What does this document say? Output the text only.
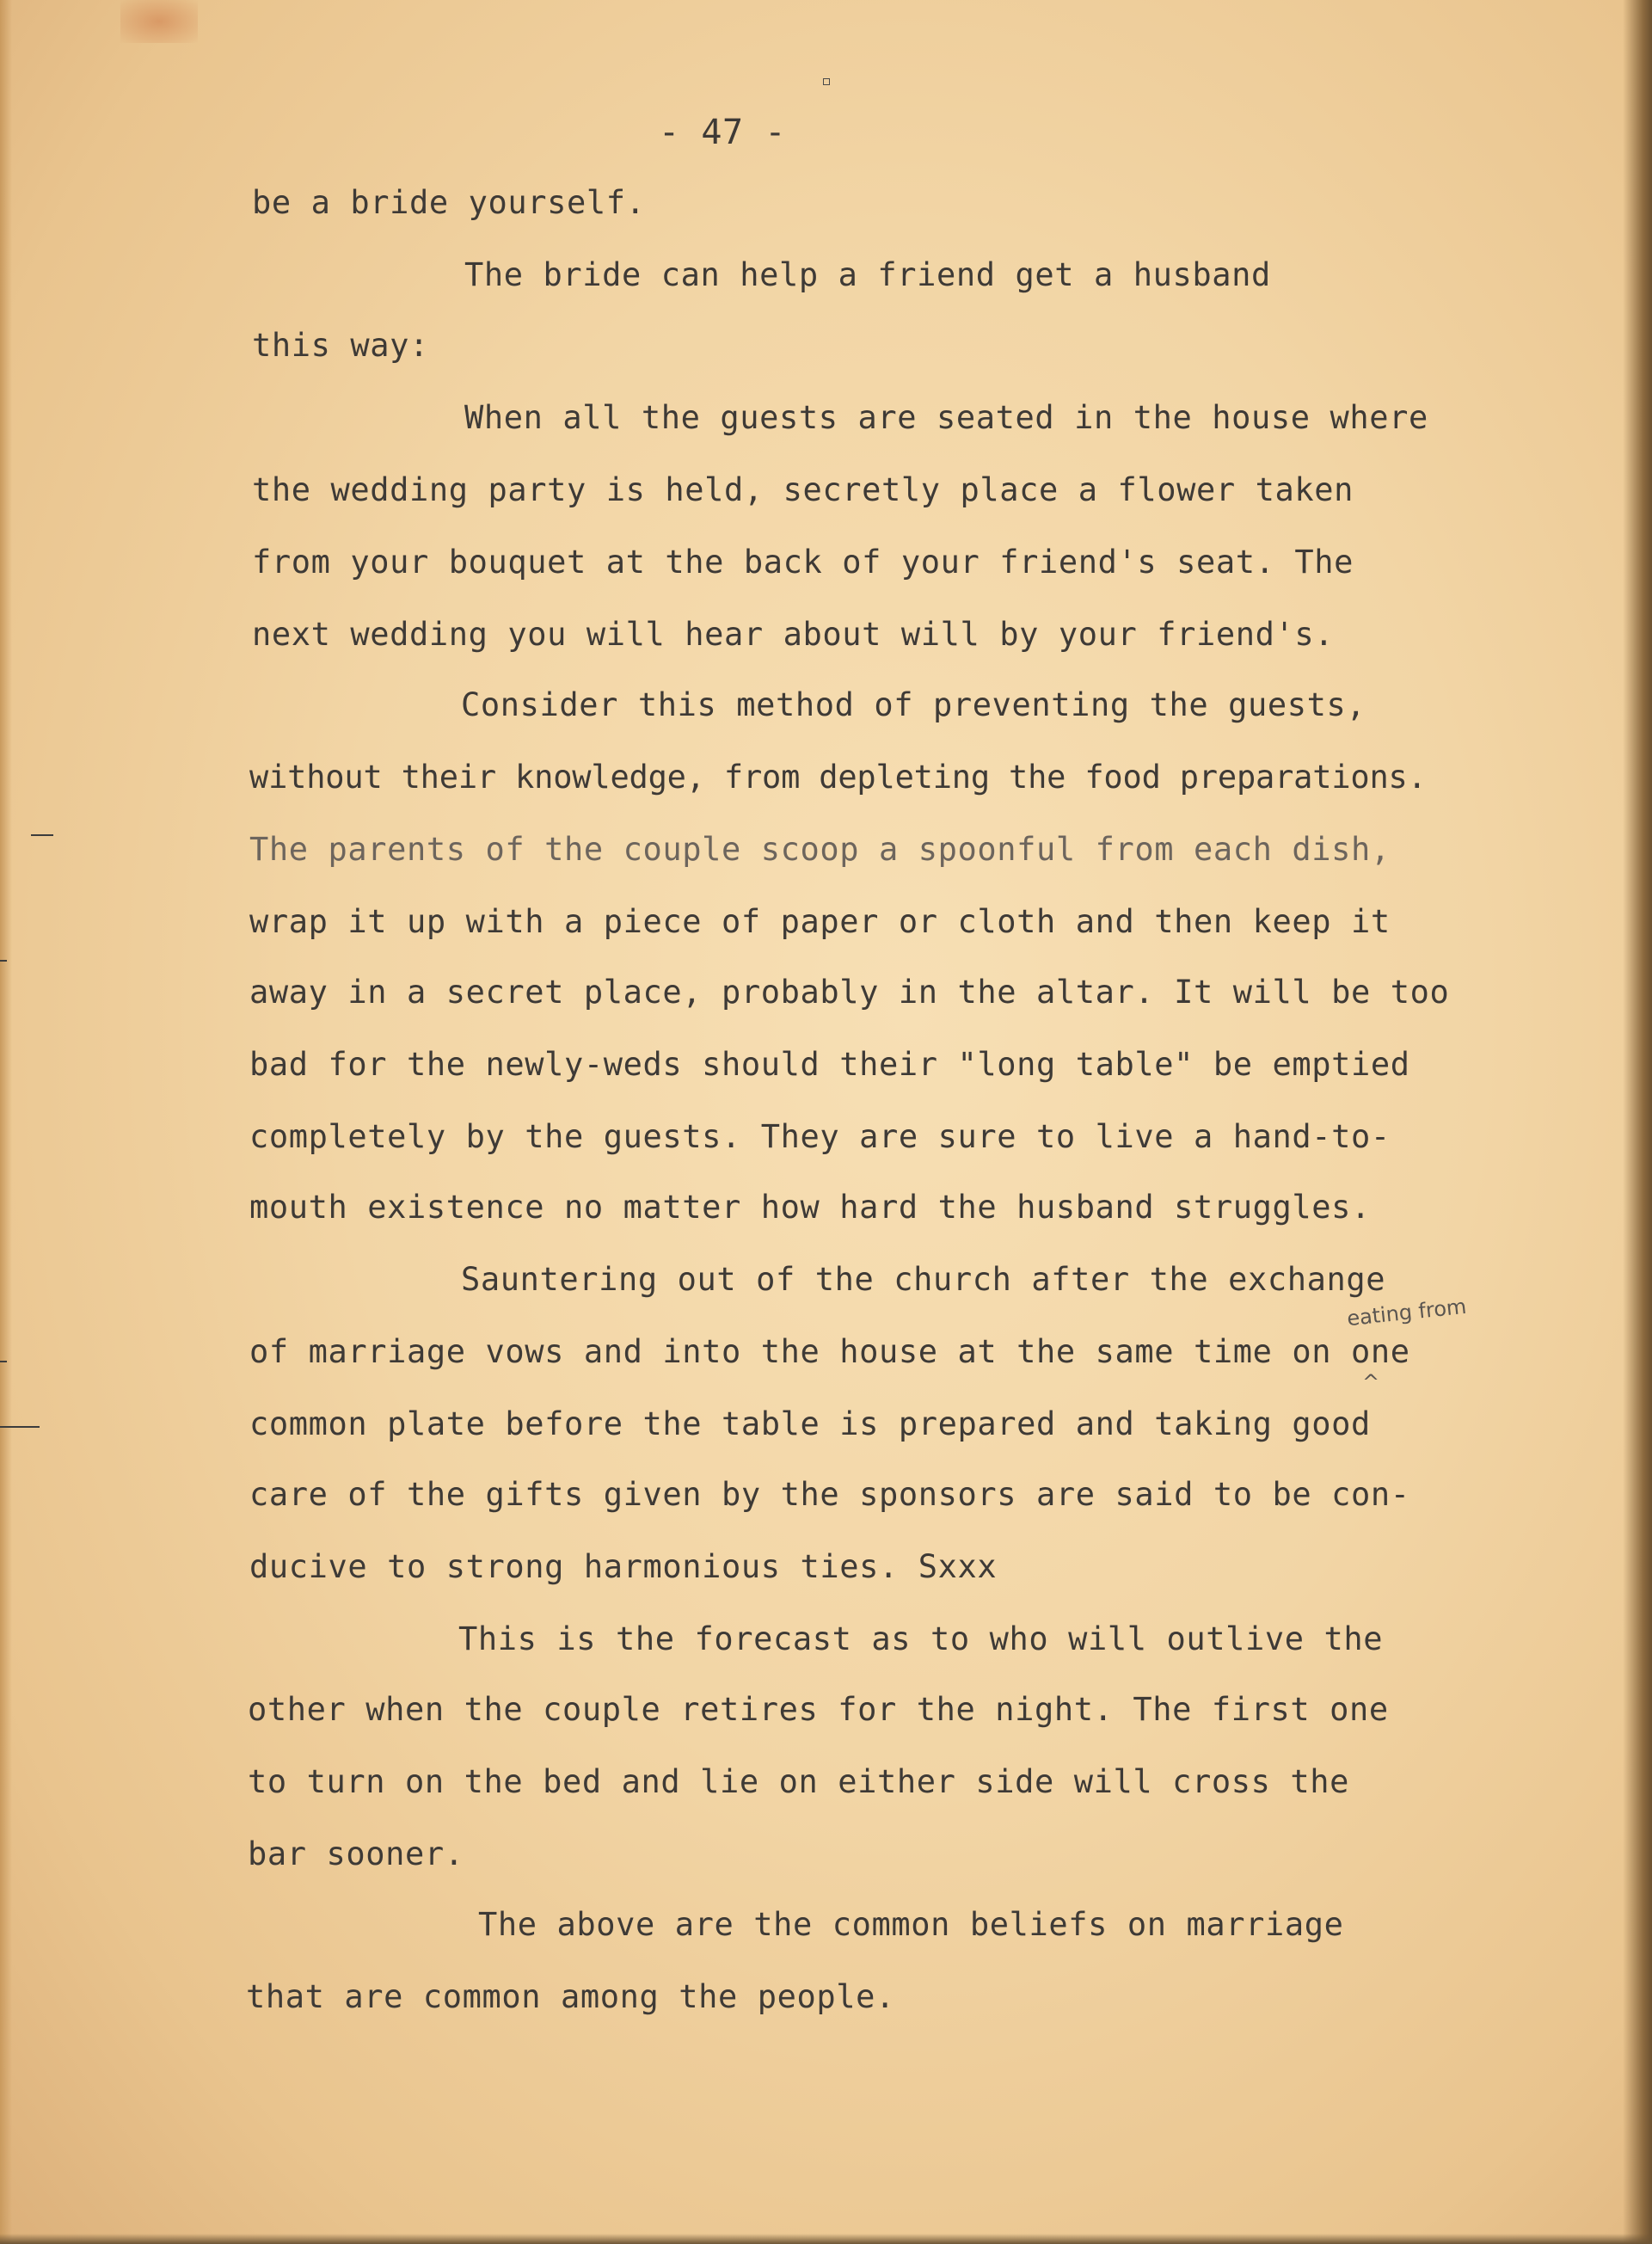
- 47 -
be a bride yourself.
The bride can help a friend get a husband
this way:
When all the guests are seated in the house where
the wedding party is held, secretly place a flower taken
from your bouquet at the back of your friend's seat. The
next wedding you will hear about will by your friend's.
Consider this method of preventing the guests,
without their knowledge, from depleting the food preparations.
The parents of the couple scoop a spoonful from each dish,
wrap it up with a piece of paper or cloth and then keep it
away in a secret place, probably in the altar. It will be too
bad for the newly-weds should their "long table" be emptied
completely by the guests. They are sure to live a hand-to-
mouth existence no matter how hard the husband struggles.
Sauntering out of the church after the exchange
of marriage vows and into the house at the same time on one
common plate before the table is prepared and taking good
care of the gifts given by the sponsors are said to be con-
ducive to strong harmonious ties. Sxxx
This is the forecast as to who will outlive the
other when the couple retires for the night. The first one
to turn on the bed and lie on either side will cross the
bar sooner.
The above are the common beliefs on marriage
that are common among the people.
eating from
^
